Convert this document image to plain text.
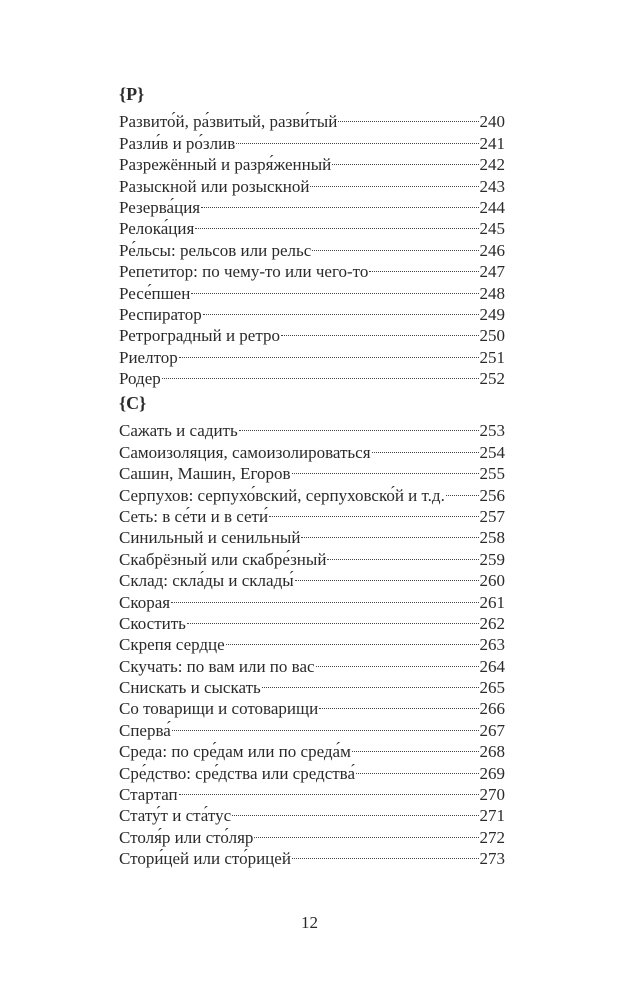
{Р}
Развито́й, ра́звитый, разви́тый	240
Разли́в и ро́злив	241
Разрежённый и разря́женный	242
Разыскной или розыскной	243
Резерва́ция	244
Релока́ция	245
Ре́льсы: рельсов или рельс	246
Репетитор: по чему-то или чего-то	247
Ресе́пшен	248
Респиратор	249
Ретроградный и ретро	250
Риелтор	251
Родер	252
{С}
Сажать и садить	253
Самоизоляция, самоизолироваться	254
Сашин, Машин, Егоров	255
Серпухов: серпухо́вский, серпуховско́й и т.д. 256
Сеть: в се́ти и в сети́	257
Синильный и сенильный	258
Скабрёзный или скабре́зный	259
Склад: скла́ды и склады́	260
Скорая	261
Скостить	262
Скрепя сердце	263
Скучать: по вам или по вас	264
Снискать и сыскать	265
Со товарищи и сотоварищи	266
Сперва́	267
Среда: по сре́дам или по среда́м	268
Сре́дство: сре́дства или средства́	269
Стартап	270
Стату́т и ста́тус	271
Столя́р или сто́ляр	272
Стори́цей или сто́рицей	273
12
